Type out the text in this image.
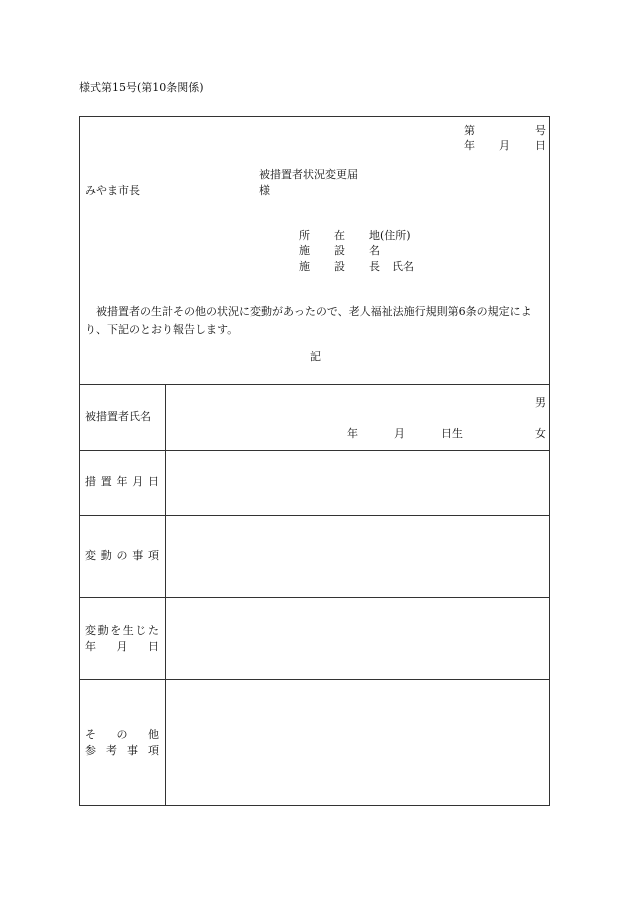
様式第15号(第10条関係)
第	号
年 月 日
被措置者状況変更届
みやま市長	様
所 在 地(住所)
施 設 名
施 設 長 氏名
被措置者の生計その他の状況に変動があったので、老人福祉法施行規則第6条の規定により、下記のとおり報告します。
記
被措置者氏名
男
年	月	日生	女
措 置 年 月 日
変 動 の 事 項
変 動 を 生 じ た
年 月 日
そ の 他
参 考 事 項
